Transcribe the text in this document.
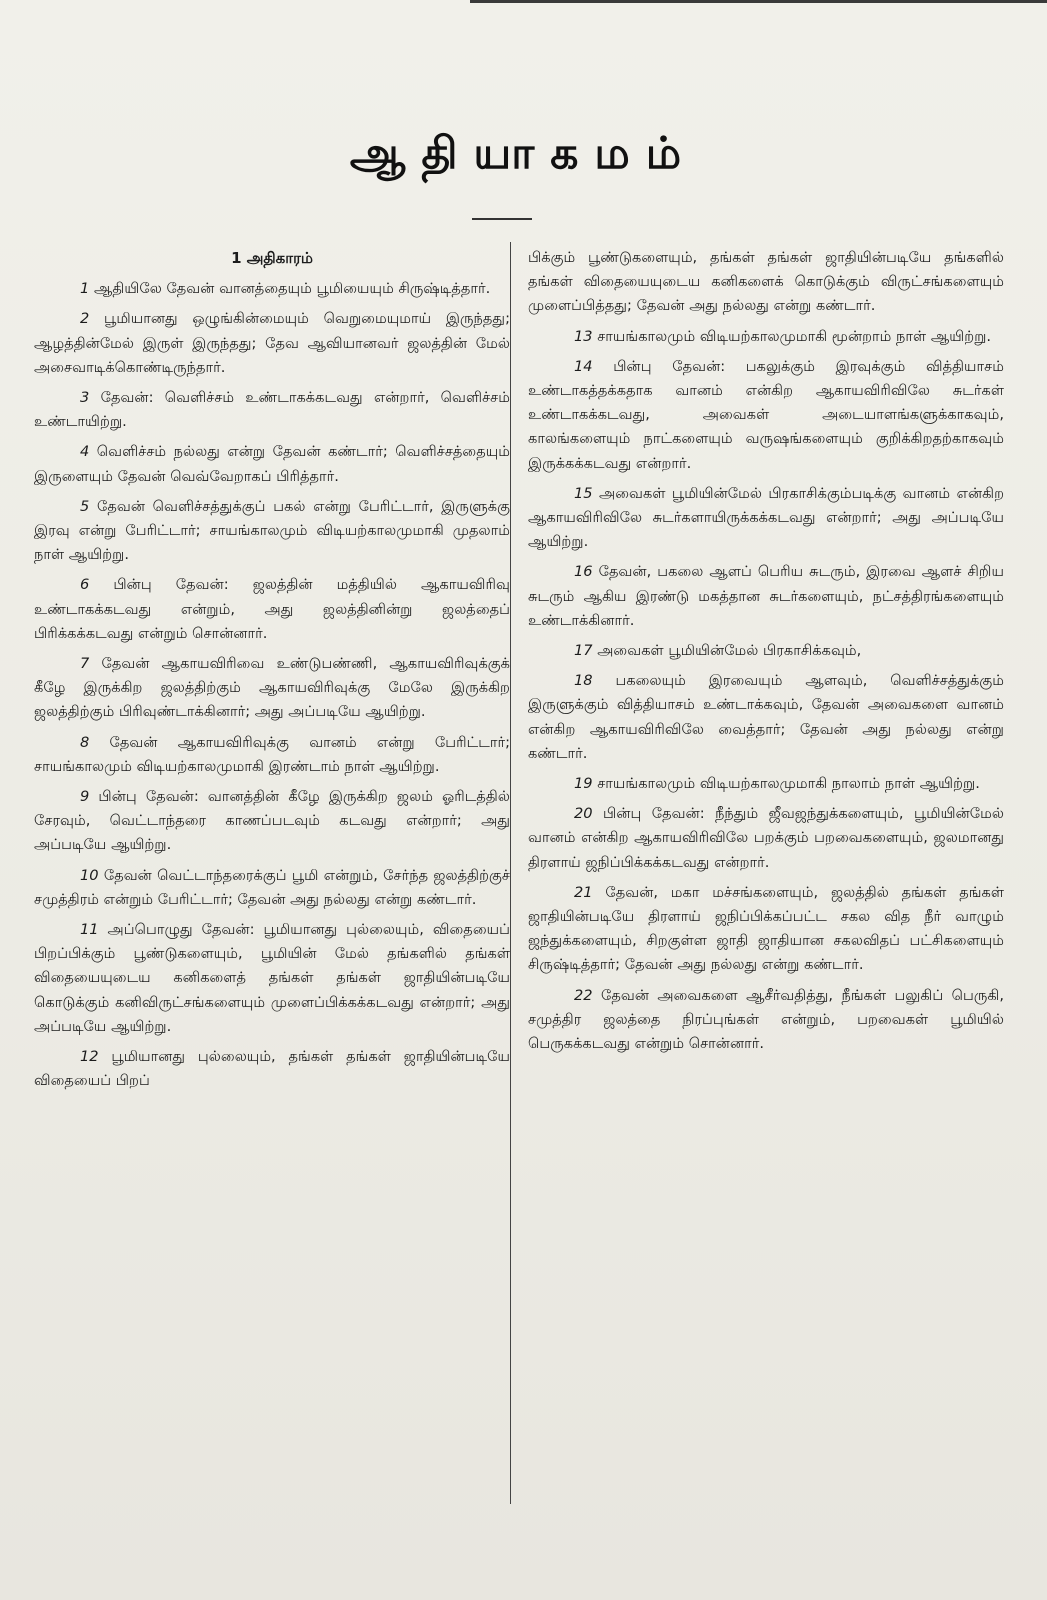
ஆதியாகமம்
1 அதிகாரம்

1 ஆதியிலே தேவன் வானத்தையும் பூமியையும் சிருஷ்டித்தார்.

2 பூமியானது ஒழுங்கின்மையும் வெறுமையுமாய் இருந்தது; ஆழத்தின்மேல் இருள் இருந்தது; தேவ ஆவியானவர் ஜலத்தின் மேல் அசைவாடிக்கொண்டிருந்தார்.

3 தேவன்: வெளிச்சம் உண்டாகக்கடவது என்றார், வெளிச்சம் உண்டாயிற்று.

4 வெளிச்சம் நல்லது என்று தேவன் கண்டார்; வெளிச்சத்தையும் இருளையும் தேவன் வெவ்வேறாகப் பிரித்தார்.

5 தேவன் வெளிச்சத்துக்குப் பகல் என்று பேரிட்டார், இருளுக்கு இரவு என்று பேரிட்டார்; சாயங்காலமும் விடியற்காலமுமாகி முதலாம் நாள் ஆயிற்று.

6 பின்பு தேவன்: ஜலத்தின் மத்தியில் ஆகாயவிரிவு உண்டாகக்கடவது என்றும், அது ஜலத்தினின்று ஜலத்தைப் பிரிக்கக்கடவது என்றும் சொன்னார்.

7 தேவன் ஆகாயவிரிவை உண்டுபண்ணி, ஆகாயவிரிவுக்குக் கீழே இருக்கிற ஜலத்திற்கும் ஆகாயவிரிவுக்கு மேலே இருக்கிற ஜலத்திற்கும் பிரிவுண்டாக்கினார்; அது அப்படியே ஆயிற்று.

8 தேவன் ஆகாயவிரிவுக்கு வானம் என்று பேரிட்டார்; சாயங்காலமும் விடியற்காலமுமாகி இரண்டாம் நாள் ஆயிற்று.

9 பின்பு தேவன்: வானத்தின் கீழே இருக்கிற ஜலம் ஓரிடத்தில் சேரவும், வெட்டாந்தரை காணப்படவும் கடவது என்றார்; அது அப்படியே ஆயிற்று.

10 தேவன் வெட்டாந்தரைக்குப் பூமி என்றும், சேர்ந்த ஜலத்திற்குச் சமுத்திரம் என்றும் பேரிட்டார்; தேவன் அது நல்லது என்று கண்டார்.

11 அப்பொழுது தேவன்: பூமியானது புல்லையும், விதையைப் பிறப்பிக்கும் பூண்டுகளையும், பூமியின் மேல் தங்களில் தங்கள் விதையையுடைய கனிகளைத் தங்கள் தங்கள் ஜாதியின்படியே கொடுக்கும் கனிவிருட்சங்களையும் முளைப்பிக்கக்கடவது என்றார்; அது அப்படியே ஆயிற்று.

12 பூமியானது புல்லையும், தங்கள் தங்கள் ஜாதியின்படியே விதையைப் பிறப்

பிக்கும் பூண்டுகளையும், தங்கள் தங்கள் ஜாதியின்படியே தங்களில் தங்கள் விதையையுடைய கனிகளைக் கொடுக்கும் விருட்சங்களையும் முளைப்பித்தது; தேவன் அது நல்லது என்று கண்டார்.

13 சாயங்காலமும் விடியற்காலமுமாகி மூன்றாம் நாள் ஆயிற்று.

14 பின்பு தேவன்: பகலுக்கும் இரவுக்கும் வித்தியாசம் உண்டாகத்தக்கதாக வானம் என்கிற ஆகாயவிரிவிலே சுடர்கள் உண்டாகக்கடவது, அவைகள் அடையாளங்களுக்காகவும், காலங்களையும் நாட்களையும் வருஷங்களையும் குறிக்கிறதற்காகவும் இருக்கக்கடவது என்றார்.

15 அவைகள் பூமியின்மேல் பிரகாசிக்கும்படிக்கு வானம் என்கிற ஆகாயவிரிவிலே சுடர்களாயிருக்கக்கடவது என்றார்; அது அப்படியே ஆயிற்று.

16 தேவன், பகலை ஆளப் பெரிய சுடரும், இரவை ஆளச் சிறிய சுடரும் ஆகிய இரண்டு மகத்தான சுடர்களையும், நட்சத்திரங்களையும் உண்டாக்கினார்.

17 அவைகள் பூமியின்மேல் பிரகாசிக்கவும்,

18 பகலையும் இரவையும் ஆளவும், வெளிச்சத்துக்கும் இருளுக்கும் வித்தியாசம் உண்டாக்கவும், தேவன் அவைகளை வானம் என்கிற ஆகாயவிரிவிலே வைத்தார்; தேவன் அது நல்லது என்று கண்டார்.

19 சாயங்காலமும் விடியற்காலமுமாகி நாலாம் நாள் ஆயிற்று.

20 பின்பு தேவன்: நீந்தும் ஜீவஜந்துக்களையும், பூமியின்மேல் வானம் என்கிற ஆகாயவிரிவிலே பறக்கும் பறவைகளையும், ஜலமானது திரளாய் ஜநிப்பிக்கக்கடவது என்றார்.

21 தேவன், மகா மச்சங்களையும், ஜலத்தில் தங்கள் தங்கள் ஜாதியின்படியே திரளாய் ஜநிப்பிக்கப்பட்ட சகல வித நீர் வாழும் ஜந்துக்களையும், சிறகுள்ள ஜாதி ஜாதியான சகலவிதப் பட்சிகளையும் சிருஷ்டித்தார்; தேவன் அது நல்லது என்று கண்டார்.

22 தேவன் அவைகளை ஆசீர்வதித்து, நீங்கள் பலுகிப் பெருகி, சமுத்திர ஜலத்தை நிரப்புங்கள் என்றும், பறவைகள் பூமியில் பெருகக்கடவது என்றும் சொன்னார்.
